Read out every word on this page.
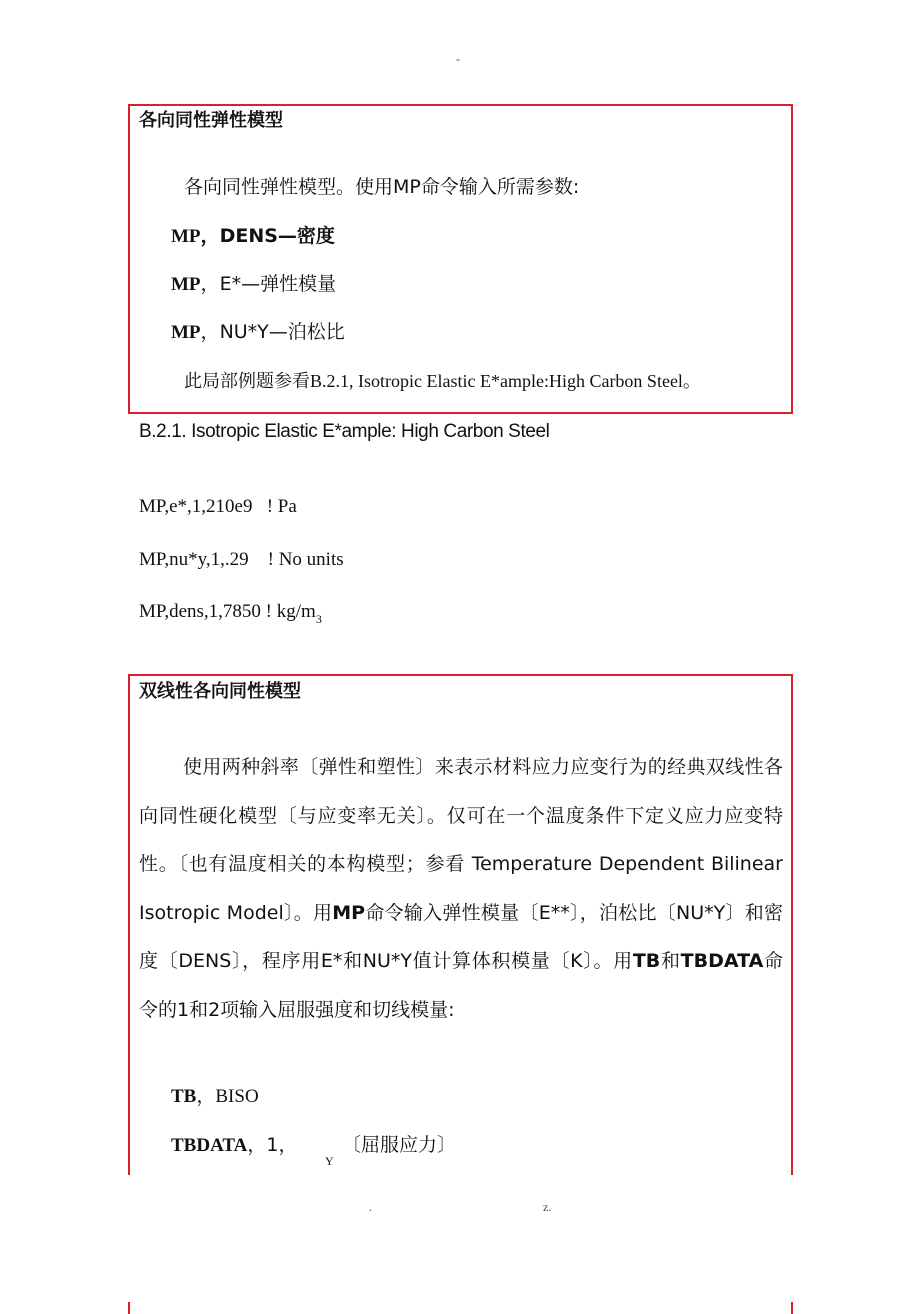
-
各向同性弹性模型
各向同性弹性模型。使用MP命令输入所需参数:
MP，DENS—密度
MP，E*—弹性模量
MP，NU*Y—泊松比
此局部例题参看B.2.1, Isotropic Elastic E*ample:High Carbon Steel。
B.2.1. Isotropic Elastic E*ample: High Carbon Steel
MP,e*,1,210e9   ! Pa
MP,nu*y,1,.29    ! No units
MP,dens,1,7850 ! $kg/m_3$
双线性各向同性模型

使用两种斜率〔弹性和塑性〕来表示材料应力应变行为的经典双线性各向同性硬化模型〔与应变率无关〕。仅可在一个温度条件下定义应力应变特性。〔也有温度相关的本构模型；参看 Temperature Dependent Bilinear Isotropic Model〕。用MP命令输入弹性模量〔E**〕，泊松比〔NU*Y〕和密度〔DENS〕，程序用E*和NU*Y值计算体积模量〔K〕。用TB和TBDATA命令的1和2项输入屈服强度和切线模量:

TB，BISO
TBDATA，1，
Y
〔屈服应力〕
.	z.
